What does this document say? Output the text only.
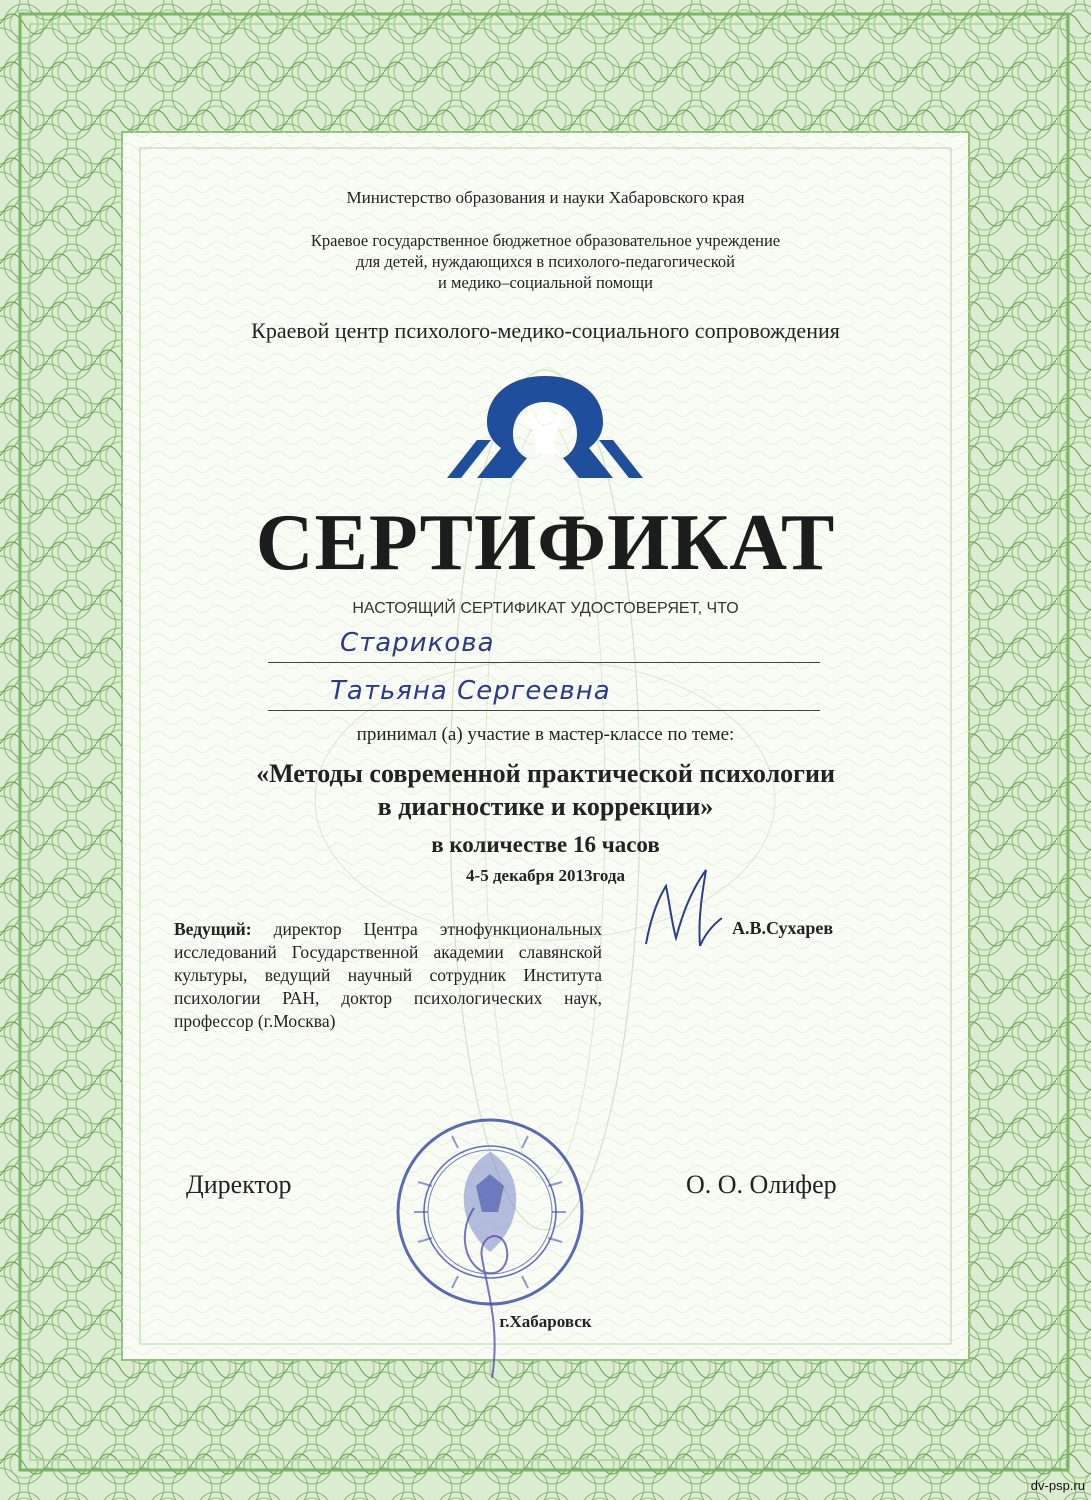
Министерство образования и науки Хабаровского края
Краевое государственное бюджетное образовательное учреждение
для детей, нуждающихся в психолого-педагогической
и медико–социальной помощи
Краевой центр психолого-медико-социального сопровождения
СЕРТИФИКАТ
НАСТОЯЩИЙ СЕРТИФИКАТ УДОСТОВЕРЯЕТ, ЧТО
Старикова
Татьяна Сергеевна
принимал (а) участие в мастер-классе по теме:
«Методы современной практической психологии
в диагностике и коррекции»
в количестве 16 часов
4-5 декабря 2013года
Ведущий: директор Центра этнофункциональных исследований Государственной академии славянской культуры, ведущий научный сотрудник Института психологии РАН, доктор психологических наук, профессор (г.Москва)
А.В.Сухарев
Директор	О. О. Олифер
г.Хабаровск
dv-psp.ru
